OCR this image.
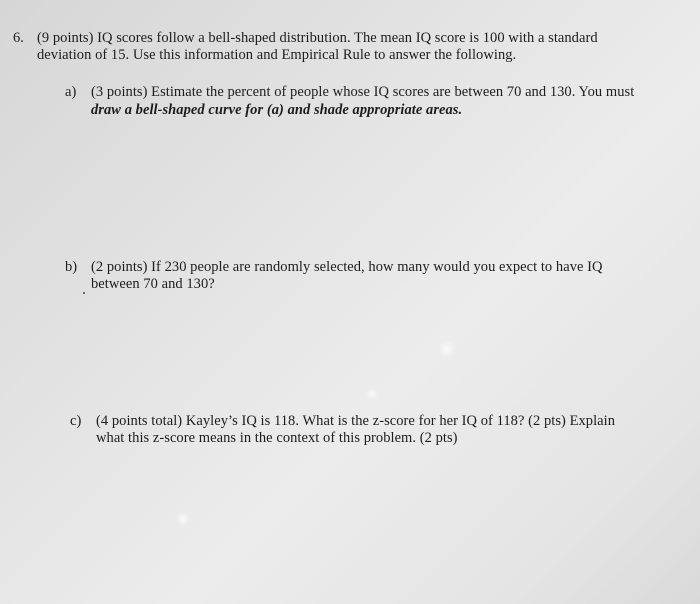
6. (9 points) IQ scores follow a bell-shaped distribution. The mean IQ score is 100 with a standard
deviation of 15. Use this information and Empirical Rule to answer the following.
a) (3 points) Estimate the percent of people whose IQ scores are between 70 and 130. You must
draw a bell-shaped curve for (a) and shade appropriate areas.
b) (2 points) If 230 people are randomly selected, how many would you expect to have IQ
between 70 and 130?
c) (4 points total) Kayley’s IQ is 118. What is the z-score for her IQ of 118? (2 pts) Explain
what this z-score means in the context of this problem. (2 pts)
